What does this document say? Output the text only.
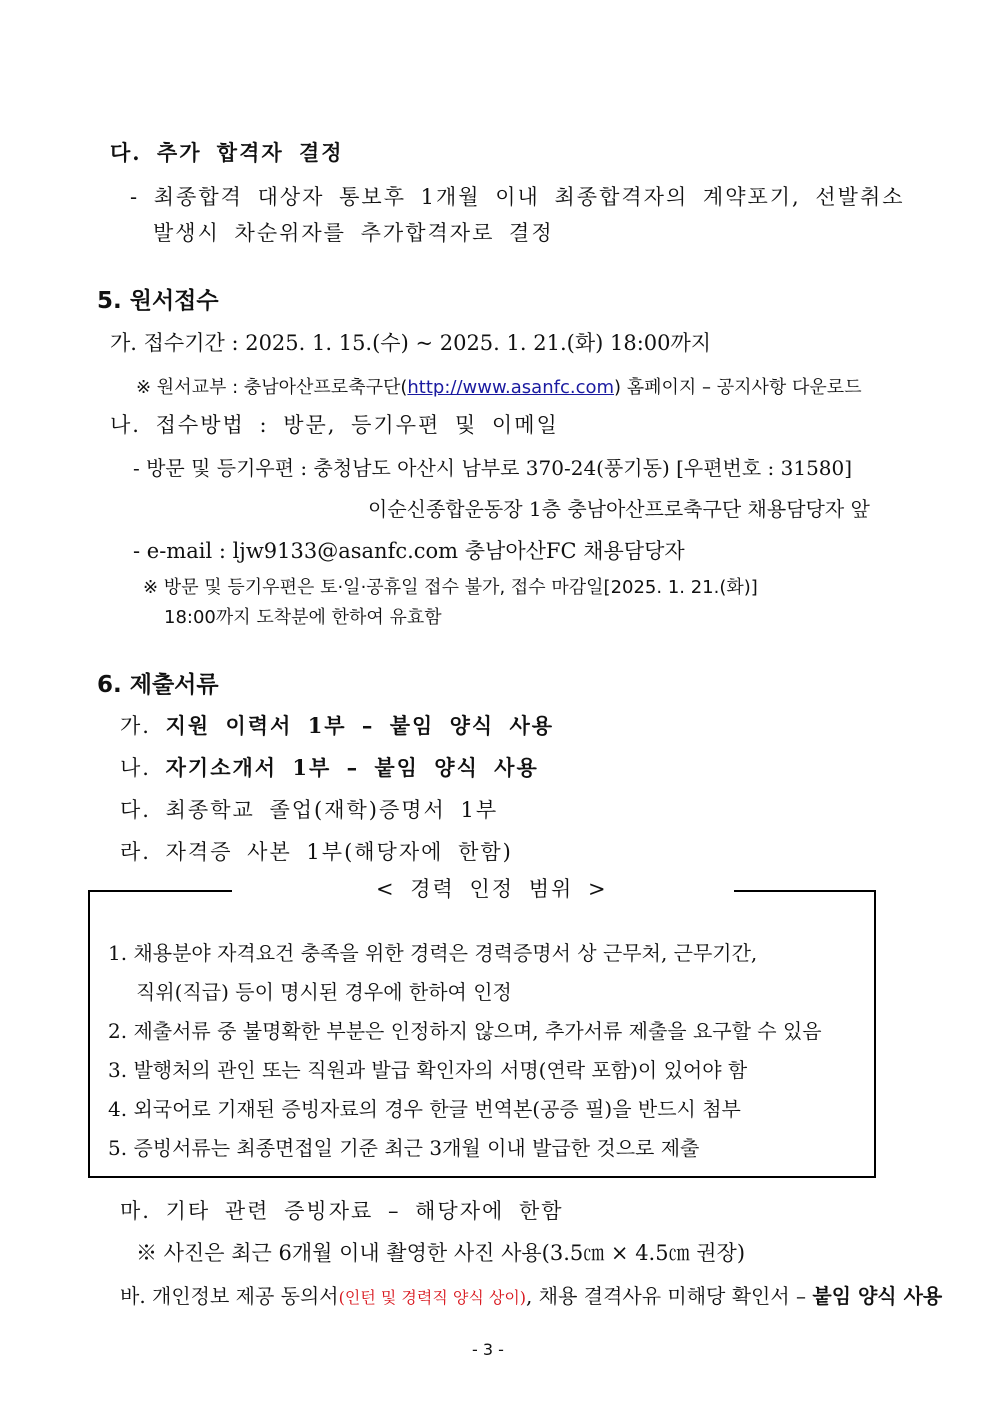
다. 추가 합격자 결정
- 최종합격 대상자 통보후 1개월 이내 최종합격자의 계약포기, 선발취소
발생시 차순위자를 추가합격자로 결정
5. 원서접수
가. 접수기간 : 2025. 1. 15.(수) ~ 2025. 1. 21.(화) 18:00까지
※ 원서교부 : 충남아산프로축구단(http://www.asanfc.com) 홈페이지 – 공지사항 다운로드
나. 접수방법 : 방문, 등기우편 및 이메일
- 방문 및 등기우편 : 충청남도 아산시 남부로 370-24(풍기동) [우편번호 : 31580]
이순신종합운동장 1층 충남아산프로축구단 채용담당자 앞
- e-mail : ljw9133@asanfc.com 충남아산FC 채용담당자
※ 방문 및 등기우편은 토·일·공휴일 접수 불가, 접수 마감일[2025. 1. 21.(화)]
18:00까지 도착분에 한하여 유효함
6. 제출서류
가. 지원 이력서 1부 – 붙임 양식 사용
나. 자기소개서 1부 – 붙임 양식 사용
다. 최종학교 졸업(재학)증명서 1부
라. 자격증 사본 1부(해당자에 한함)
< 경력 인정 범위 >
1. 채용분야 자격요건 충족을 위한 경력은 경력증명서 상 근무처, 근무기간,
직위(직급) 등이 명시된 경우에 한하여 인정
2. 제출서류 중 불명확한 부분은 인정하지 않으며, 추가서류 제출을 요구할 수 있음
3. 발행처의 관인 또는 직원과 발급 확인자의 서명(연락 포함)이 있어야 함
4. 외국어로 기재된 증빙자료의 경우 한글 번역본(공증 필)을 반드시 첨부
5. 증빙서류는 최종면접일 기준 최근 3개월 이내 발급한 것으로 제출
마. 기타 관련 증빙자료 – 해당자에 한함
※ 사진은 최근 6개월 이내 촬영한 사진 사용(3.5㎝ × 4.5㎝ 권장)
바. 개인정보 제공 동의서(인턴 및 경력직 양식 상이), 채용 결격사유 미해당 확인서 – 붙임 양식 사용
- 3 -
